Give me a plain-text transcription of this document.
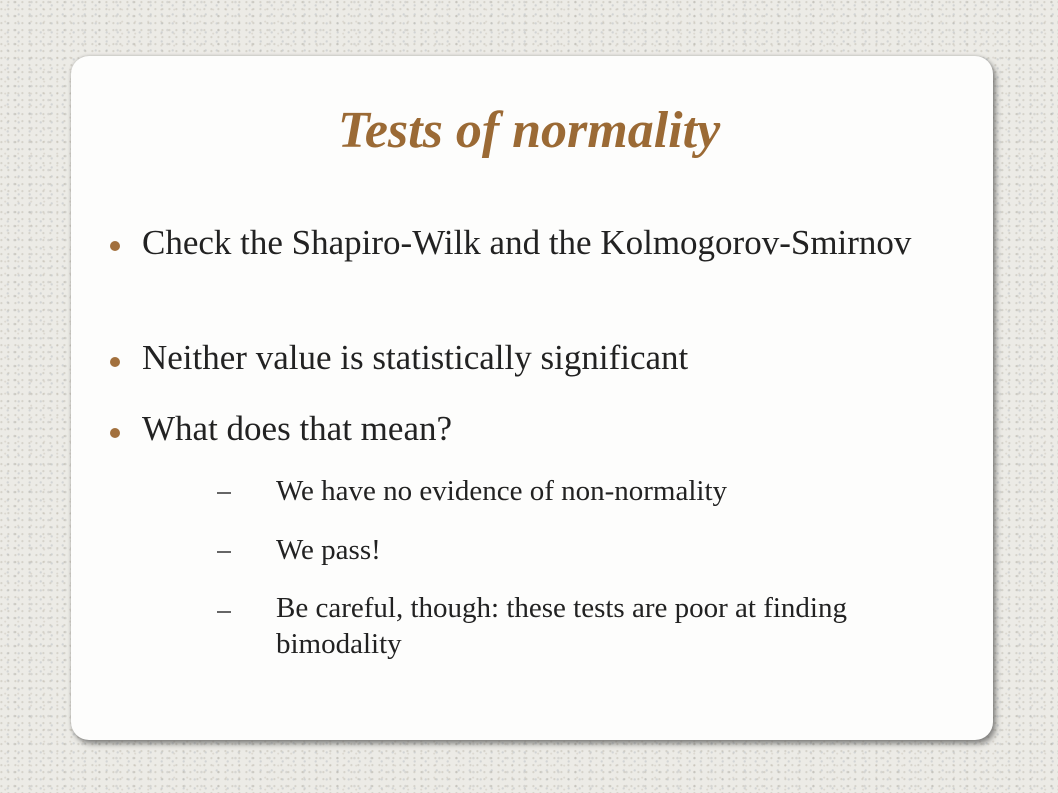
Tests of normality

Check the Shapiro-Wilk and the Kolmogorov-Smirnov

Neither value is statistically significant

What does that mean?

We have no evidence of non-normality

We pass!

Be careful, though: these tests are poor at finding bimodality
